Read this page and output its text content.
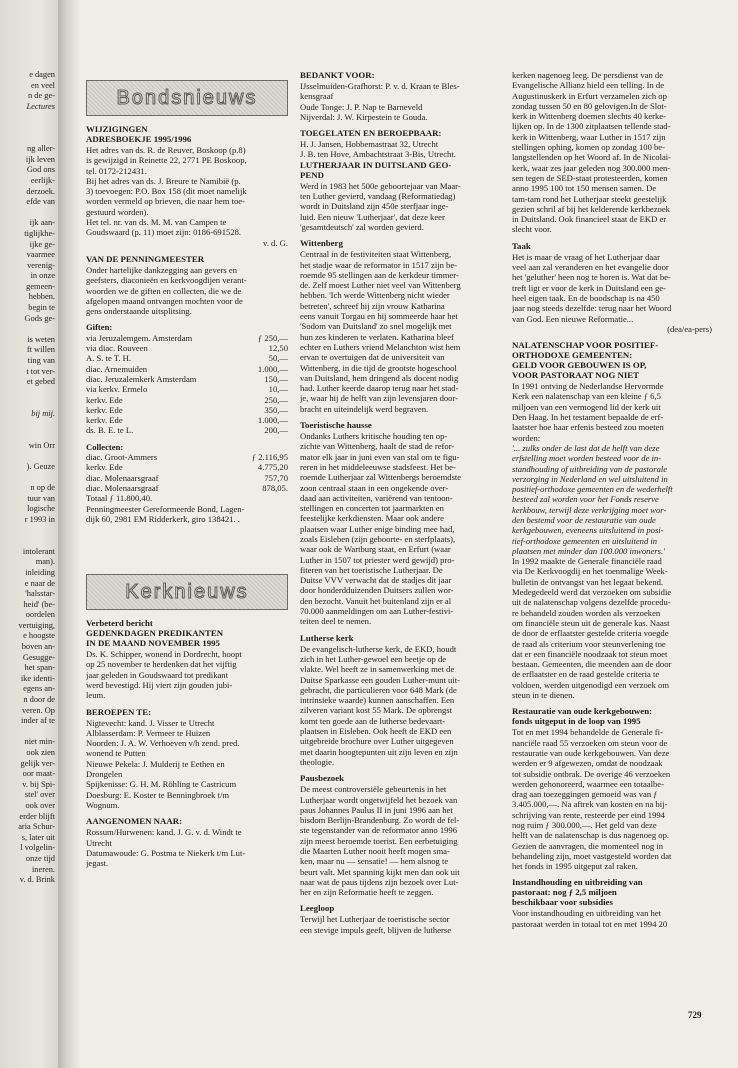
e dagen
en veel
n de ge-
Lectures
ng aller-
ijk leven
God ons
eerlijk-
derzoek.
efde van
ijk aan-
tiglijkhe-
ijke ge-
vaarmee
verenig-
in onze
gemeen-
hebben.
begin te
Gods ge-
is weten
ft willen
ting van
t tot ver-
et gebed
bij mij.
win Orr
). Geuze
n op de
tuur van
logische
r 1993 in
intolerant
man).
inleiding
e naar de
'halsstar-
heid' (be-
oordelen
vertuiging,
e hoogste
boven an-
Gesugge-
het span-
ike identi-
egens an-
n door de
veren. Op
inder af te
niet min-
ook zien
gelijk ver-
oor maat-
v. bij Spi-
stel' over
ook over
erder blijft
aria Schur-
s, later uit
l volgelin-
onze tijd
ineren.
v. d. Brink
Bondsnieuws
WIJZIGINGEN
ADRESBOEKJE 1995/1996
Het adres van ds. R. de Reuver, Boskoop (p.8)
is gewijzigd in Reinette 22, 2771 PE Boskoop,
tel. 0172-212431.
Bij het adres van ds. J. Breure te Namibië (p.
3) toevoegen: P.O. Box 158 (dit moet namelijk
worden vermeld op brieven, die naar hem toe-
gestuurd worden).
Het tel. nr. van ds. M. M. van Campen te
Goudswaard (p. 11) moet zijn: 0186-691528.
v. d. G.
VAN DE PENNINGMEESTER
Onder hartelijke dankzegging aan gevers en
geefsters, diaconieën en kerkvoogdijen verant-
woorden we de giften en collecten, die we de
afgelopen maand ontvangen mochten voor de
gens onderstaande uitsplitsing.
Giften:
via Jeruzalemgem. Amsterdam	ƒ 250,—
via diac. Rouveen	12,50
A. S. te T. H.	50,—
diac. Arnemuiden	1.000,—
diac. Jeruzalemkerk Amsterdam	150,—
via kerkv. Ermelo	10,—
kerkv. Ede	250,—
kerkv. Ede	350,—
kerkv. Ede	1.000,—
ds. B. E. te L.	200,—
Collecten:
diac. Groot-Ammers	ƒ 2.116,95
kerkv. Ede	4.775,20
diac. Molenaarsgraaf	757,70
diac. Molenaarsgraaf	878,05.
Totaal ƒ 11.800,40.
Penningmeester Gereformeerde Bond, Lagen-
dijk 60, 2981 EM Ridderkerk, giro 138421. .
Kerknieuws
Verbeterd bericht
GEDENKDAGEN PREDIKANTEN
IN DE MAAND NOVEMBER 1995
Ds. K. Schipper, wonend in Dordrecht, hoopt
op 25 november te herdenken dat het vijftig
jaar geleden in Goudswaard tot predikant
werd bevestigd. Hij viert zijn gouden jubi-
leum.
BEROEPEN TE:
Nigtevecht: kand. J. Visser te Utrecht
Alblasserdam: P. Vermeer te Huizen
Noorden: J. A. W. Verhoeven v/h zend. pred.
wonend te Putten
Nieuwe Pekela: J. Mulderij te Eethen en
Drongelen
Spijkenisse: G. H. M. Röhling te Castricum
Doesburg: E. Koster te Benningbroek t/m
Wognum.
AANGENOMEN NAAR:
Rossum/Hurwenen: kand. J. G. v. d. Windt te
Utrecht
Datumawoude: G. Postma te Niekerk t/m Lut-
jegast.
BEDANKT VOOR:
IJsselmuiden-Grafhorst: P. v. d. Kraan te Bles-
kensgraaf
Oude Tonge: J. P. Nap te Barneveld
Nijverdal: J. W. Kirpestein te Gouda.
TOEGELATEN EN BEROEPBAAR:
H. J. Jansen, Hobbemastraat 32, Utrecht
J. B. ten Hove, Ambachtstraat 3-Bis, Utrecht.
LUTHERJAAR IN DUITSLAND GEO-
PEND
Werd in 1983 het 500e geboortejaar van Maar-
ten Luther gevierd, vandaag (Reformatiedag)
wordt in Duitsland zijn 450e sterfjaar inge-
luid. Een nieuw 'Lutherjaar', dat deze keer
'gesamtdeutsch' zal worden gevierd.
Wittenberg
Centraal in de festiviteiten staat Wittenberg,
het stadje waar de reformator in 1517 zijn be-
roemde 95 stellingen aan de kerkdeur timmer-
de. Zelf moest Luther niet veel van Wittenberg
hebben. 'Ich werde Wittenberg nicht wieder
betreten', schreef hij zijn vrouw Katharina
eens vanuit Torgau en hij sommeerde haar het
'Sodom van Duitsland' zo snel mogelijk met
hun zes kinderen te verlaten. Katharina bleef
echter en Luthers vriend Melanchton wist hem
ervan te overtuigen dat de universiteit van
Wittenberg, in die tijd de grootste hogeschool
van Duitsland, hem dringend als docent nodig
had. Luther keerde daarop terug naar het stad-
je, waar hij de helft van zijn levensjaren door-
bracht en uiteindelijk werd begraven.
Toeristische hausse
Ondanks Luthers kritische houding ten op-
zichte van Wittenberg, haalt de stad de refor-
mator elk jaar in juni even van stal om te figu-
reren in het middeleeuwse stadsfeest. Het be-
roemde Lutherjaar zal Wittenbergs beroemdste
zoon centraal staan in een ongekende over-
daad aan activiteiten, variërend van tentoon-
stellingen en concerten tot jaarmarkten en
feestelijke kerkdiensten. Maar ook andere
plaatsen waar Luther enige binding mee had,
zoals Eisleben (zijn geboorte- en sterfplaats),
waar ook de Wartburg staat, en Erfurt (waar
Luther in 1507 tot priester werd gewijd) pro-
fiteren van het toeristische Lutherjaar. De
Duitse VVV verwacht dat de stadjes dit jaar
door honderdduizenden Duitsers zullen wor-
den bezocht. Vanuit het buitenland zijn er al
70.000 aanmeldingen om aan Luther-festivi-
teiten deel te nemen.
Lutherse kerk
De evangelisch-lutherse kerk, de EKD, houdt
zich in het Luther-gewoel een beetje op de
vlakte. Wel heeft ze in samenwerking met de
Duitse Sparkasse een gouden Luther-munt uit-
gebracht, die particulieren voor 648 Mark (de
intrinsieke waarde) kunnen aanschaffen. Een
zilveren variant kost 55 Mark. De opbrengst
komt ten goede aan de lutherse bedevaart-
plaatsen in Eisleben. Ook heeft de EKD een
uitgebreide brochure over Luther uitgegeven
met daarin hoogtepunten uit zijn leven en zijn
theologie.
Pausbezoek
De meest controversiële gebeurtenis in het
Lutherjaar wordt ongetwijfeld het bezoek van
paus Johannes Paulus II in juni 1996 aan het
bisdom Berlijn-Brandenburg. Zo wordt de fel-
ste tegenstander van de reformator anno 1996
zijn meest beroemde toerist. Een eerbetuiging
die Maarten Luther nooit heeft mogen sma-
ken, maar nu — sensatie! — hem alsnog te
beurt valt. Met spanning kijkt men dan ook uit
naar wat de paus tijdens zijn bezoek over Lut-
her en zijn Reformatie heeft te zeggen.
Leegloop
Terwijl het Lutherjaar de toeristische sector
een stevige impuls geeft, blijven de lutherse
kerken nagenoeg leeg. De persdienst van de
Evangelische Allianz hield een telling. In de
Augustinuskerk in Erfurt verzamelen zich op
zondag tussen 50 en 80 gelovigen.In de Slot-
kerk in Wittenberg doemen slechts 40 kerke-
lijken op. In de 1300 zitplaatsen tellende stad-
kerk in Wittenberg, waar Luther in 1517 zijn
stellingen ophing, komen op zondag 100 be-
langstellenden op het Woord af. In de Nicolai-
kerk, waar zes jaar geleden nog 300.000 men-
sen tegen de SED-staat protesteerden, komen
anno 1995 100 tot 150 mensen samen. De
tam-tam rond het Lutherjaar steekt geestelijk
gezien schril af bij het kelderende kerkbezoek
in Duitsland. Ook financieel staat de EKD er
slecht voor.
Taak
Het is maar de vraag of het Lutherjaar daar
veel aan zal veranderen en het evangelie door
het 'geluther' heen nog te horen is. Wat dat be-
treft ligt er voor de kerk in Duitsland een ge-
heel eigen taak. En de boodschap is na 450
jaar nog steeds dezelfde: terug naar het Woord
van God. Een nieuwe Reformatie...
(dea/ea-pers)
NALATENSCHAP VOOR POSITIEF-
ORTHODOXE GEMEENTEN:
GELD VOOR GEBOUWEN IS OP,
VOOR PASTORAAT NOG NIET
In 1991 ontving de Nederlandse Hervormde
Kerk een nalatenschap van een kleine ƒ 6,5
miljoen van een vermogend lid der kerk uit
Den Haag. In het testament bepaalde de erf-
laatster hoe haar erfenis besteed zou moeten
worden:
'... zulks onder de last dat de helft van deze
erfstelling moet worden besteed voor de in-
standhouding of uitbreiding van de pastorale
verzorging in Nederland en wel uitsluitend in
positief-orthodoxe gemeenten en de wederhelft
besteed zal worden voor het Fonds reserve
kerkbouw, terwijl deze verkrijging moet wor-
den bestemd voor de restauratie van oude
kerkgebouwen, eveneens uitsluitend in posi-
tief-orthodoxe gemeenten en uitsluitend in
plaatsen met minder dan 100.000 inwoners.'
In 1992 maakte de Generale financiële raad
via De Kerkvoogdij en het toenmalige Week-
bulletin de ontvangst van het legaat bekend.
Medegedeeld werd dat verzoeken om subsidie
uit de nalatenschap volgens dezelfde procedu-
re behandeld zouden worden als verzoeken
om financiële steun uit de generale kas. Naast
de door de erflaatster gestelde criteria voegde
de raad als criterium voor steunverlening toe
dat er een financiële noodzaak tot steun moet
bestaan. Gemeenten, die meenden aan de door
de erflaatster en de raad gestelde criteria te
voldoen, werden uitgenodigd een verzoek om
steun in te dienen.
Restauratie van oude kerkgebouwen:
fonds uitgeput in de loop van 1995
Tot en met 1994 behandelde de Generale fi-
nanciële raad 55 verzoeken om steun voor de
restauratie van oude kerkgebouwen. Van deze
werden er 9 afgewezen, omdat de noodzaak
tot subsidie ontbrak. De overige 46 verzoeken
werden gehonoreerd, waarmee een totaalbe-
drag aan toezeggingen gemoeid was van ƒ
3.405.000,—. Na aftrek van kosten en na bij-
schrijving van rente, resteerde per eind 1994
nog ruim ƒ 300.000,—. Het geld van deze
helft van de nalatenschap is dus nagenoeg op.
Gezien de aanvragen, die momenteel nog in
behandeling zijn, moet vastgesteld worden dat
het fonds in 1995 uitgeput zal raken.
Instandhouding en uitbreiding van
pastoraat: nog ƒ 2,5 miljoen
beschikbaar voor subsidies
Voor instandhouding en uitbreiding van het
pastoraat werden in totaal tot en met 1994 20
729
